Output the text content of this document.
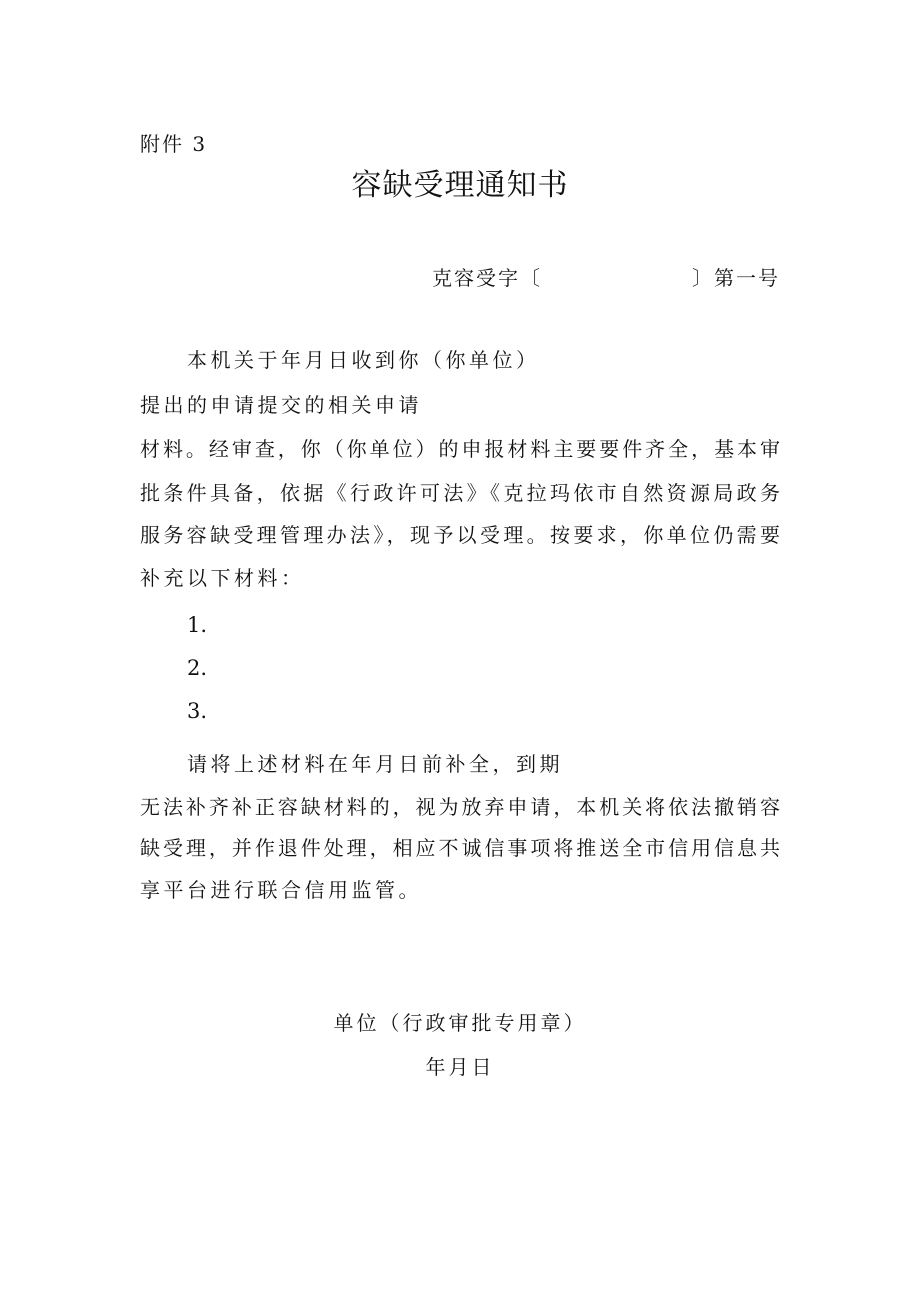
附件 3
容缺受理通知书
克容受字〔	〕第一号
本机关于年月日收到你（你单位）
提出的申请提交的相关申请
材料。经审查，你（你单位）的申报材料主要要件齐全，基本审
批条件具备，依据《行政许可法》《克拉玛依市自然资源局政务
服务容缺受理管理办法》，现予以受理。按要求，你单位仍需要
补充以下材料：
1.
2.
3.
请将上述材料在年月日前补全，到期
无法补齐补正容缺材料的，视为放弃申请，本机关将依法撤销容
缺受理，并作退件处理，相应不诚信事项将推送全市信用信息共
享平台进行联合信用监管。
单位（行政审批专用章）
年月日
